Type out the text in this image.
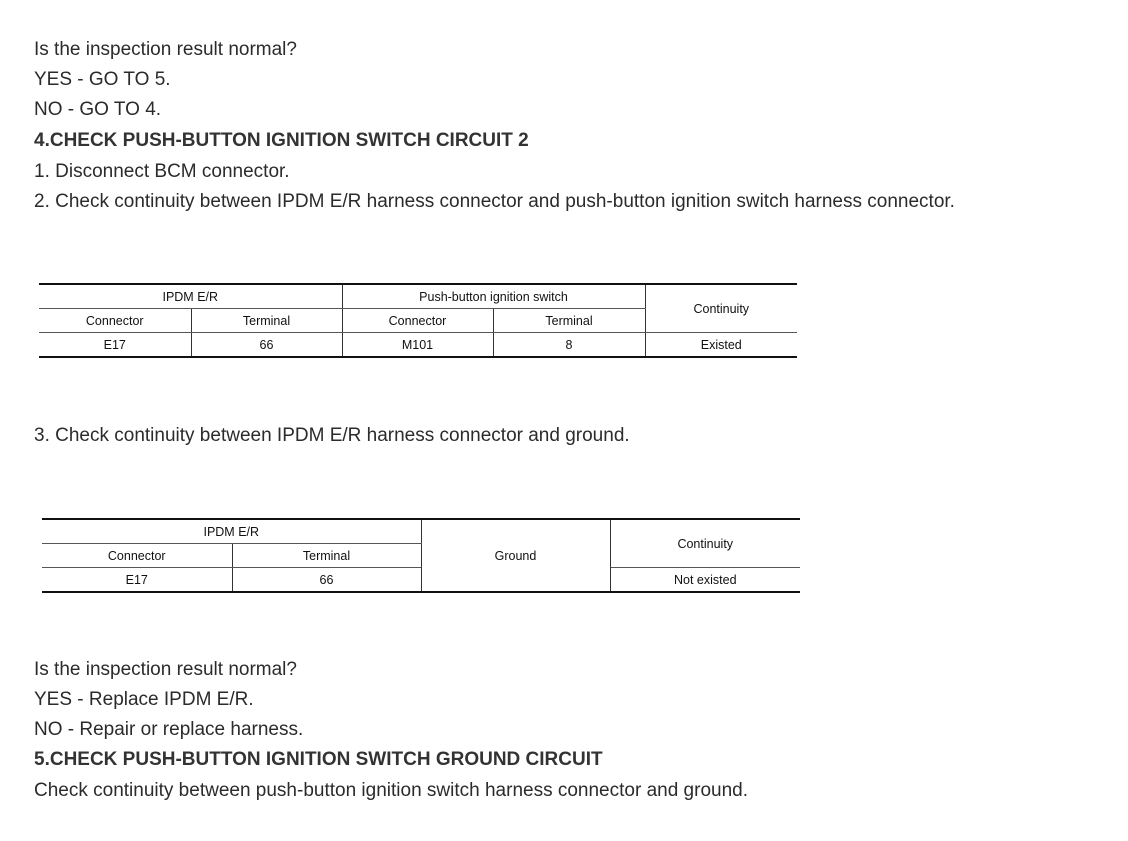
Is the inspection result normal?
YES - GO TO 5.
NO - GO TO 4.
4.CHECK PUSH-BUTTON IGNITION SWITCH CIRCUIT 2
1. Disconnect BCM connector.
2. Check continuity between IPDM E/R harness connector and push-button ignition switch harness connector.
IPDM E/R		Push-button ignition switch		Continuity
Connector	Terminal	Connector	Terminal	
E17	66	M101	8	Existed
3. Check continuity between IPDM E/R harness connector and ground.
IPDM E/R		Ground	Continuity
Connector	Terminal		
E17	66		Not existed
Is the inspection result normal?
YES - Replace IPDM E/R.
NO - Repair or replace harness.
5.CHECK PUSH-BUTTON IGNITION SWITCH GROUND CIRCUIT
Check continuity between push-button ignition switch harness connector and ground.
